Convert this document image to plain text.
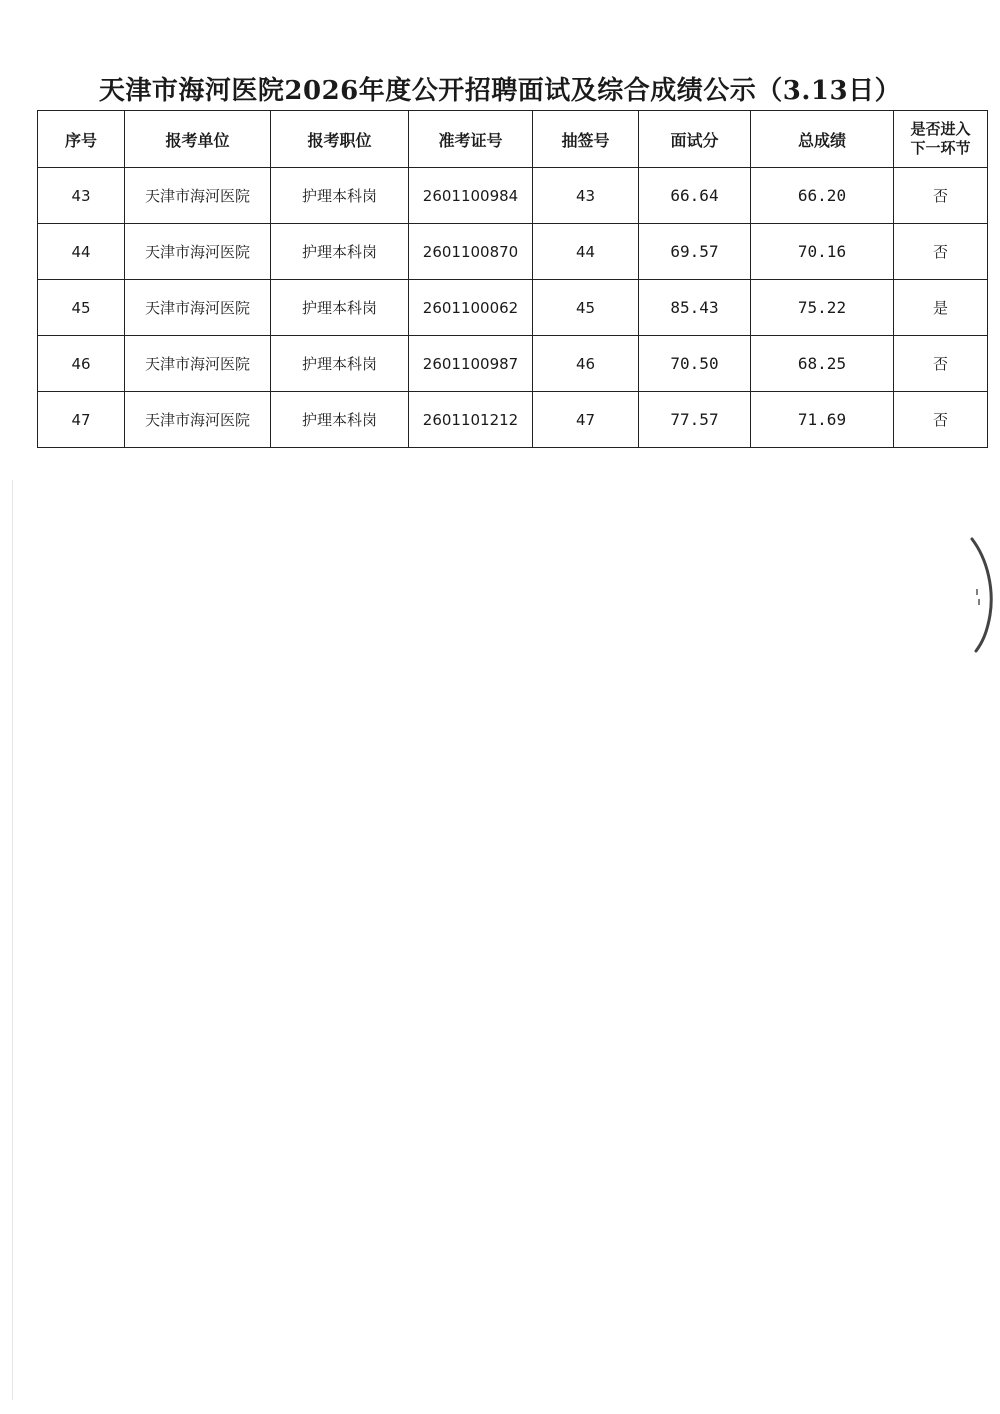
天津市海河医院2026年度公开招聘面试及综合成绩公示（3.13日）
序号	报考单位	报考职位	准考证号	抽签号	面试分	总成绩	是否进入
下一环节
43	天津市海河医院	护理本科岗	2601100984	43	66.64	66.20	否
44	天津市海河医院	护理本科岗	2601100870	44	69.57	70.16	否
45	天津市海河医院	护理本科岗	2601100062	45	85.43	75.22	是
46	天津市海河医院	护理本科岗	2601100987	46	70.50	68.25	否
47	天津市海河医院	护理本科岗	2601101212	47	77.57	71.69	否
